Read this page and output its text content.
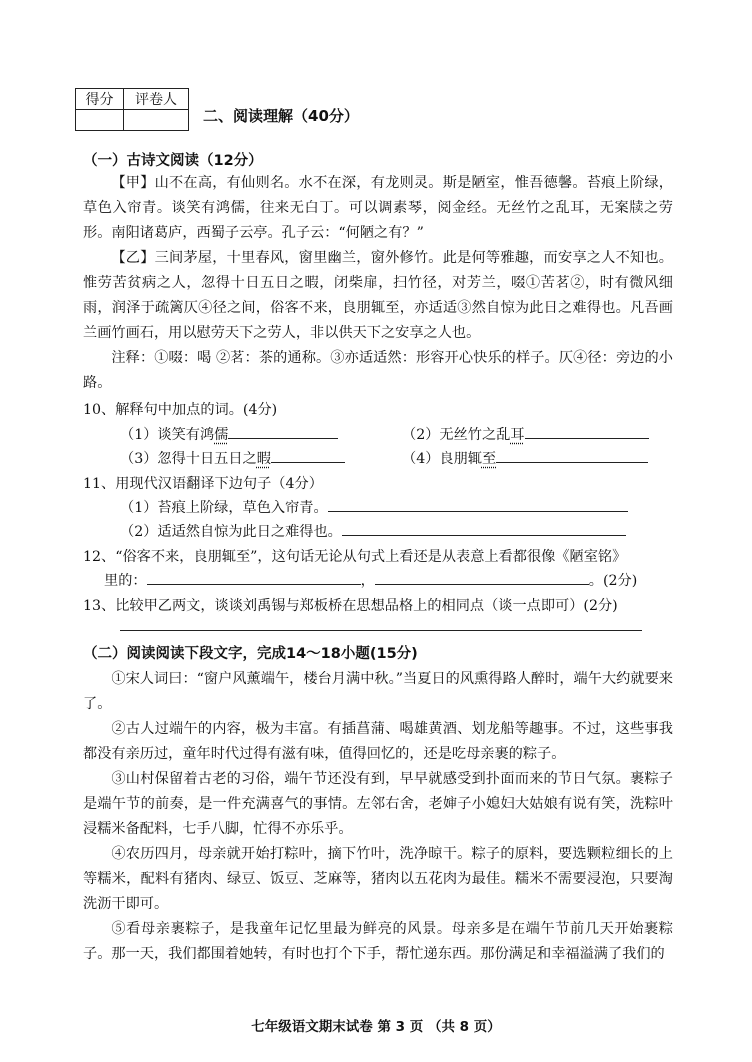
得分	评卷人

二、阅读理解（40分）
（一）古诗文阅读（12分）
【甲】山不在高，有仙则名。水不在深，有龙则灵。斯是陋室，惟吾德馨。苔痕上阶绿，草色入帘青。谈笑有鸿儒，往来无白丁。可以调素琴，阅金经。无丝竹之乱耳，无案牍之劳形。南阳诸葛庐，西蜀子云亭。孔子云：“何陋之有？”
【乙】三间茅屋，十里春风，窗里幽兰，窗外修竹。此是何等雅趣，而安享之人不知也。惟劳苦贫病之人，忽得十日五日之暇，闭柴扉，扫竹径，对芳兰，啜①苦茗②，时有微风细雨，润泽于疏篱仄④径之间，俗客不来，良朋辄至，亦适适③然自惊为此日之难得也。凡吾画兰画竹画石，用以慰劳天下之劳人，非以供天下之安享之人也。
注释：①啜：喝 ②茗：茶的通称。③亦适适然：形容开心快乐的样子。仄④径：旁边的小路。
10、解释句中加点的词。(4分)
（1）谈笑有鸿儒	（2）无丝竹之乱耳
（3）忽得十日五日之暇	（4）良朋辄至
11、用现代汉语翻译下边句子（4分）
（1）苔痕上阶绿，草色入帘青。
（2）适适然自惊为此日之难得也。
12、“俗客不来，良朋辄至”，这句话无论从句式上看还是从表意上看都很像《陋室铭》
里的：	，	。(2分)
13、比较甲乙两文，谈谈刘禹锡与郑板桥在思想品格上的相同点（谈一点即可）(2分)
（二）阅读阅读下段文字，完成14～18小题(15分)
①宋人词曰：“窗户风薰端午，楼台月满中秋。”当夏日的风熏得路人醉时，端午大约就要来了。
②古人过端午的内容，极为丰富。有插菖蒲、喝雄黄酒、划龙船等趣事。不过，这些事我都没有亲历过，童年时代过得有滋有味，值得回忆的，还是吃母亲裹的粽子。
③山村保留着古老的习俗，端午节还没有到，早早就感受到扑面而来的节日气氛。裹粽子是端午节的前奏，是一件充满喜气的事情。左邻右舍，老婶子小媳妇大姑娘有说有笑，洗粽叶浸糯米备配料，七手八脚，忙得不亦乐乎。
④农历四月，母亲就开始打粽叶，摘下竹叶，洗净晾干。粽子的原料，要选颗粒细长的上等糯米，配料有猪肉、绿豆、饭豆、芝麻等，猪肉以五花肉为最佳。糯米不需要浸泡，只要淘洗沥干即可。
⑤看母亲裹粽子，是我童年记忆里最为鲜亮的风景。母亲多是在端午节前几天开始裹粽子。那一天，我们都围着她转，有时也打个下手，帮忙递东西。那份满足和幸福溢满了我们的
七年级语文期末试卷 第 3 页 （共 8 页）
